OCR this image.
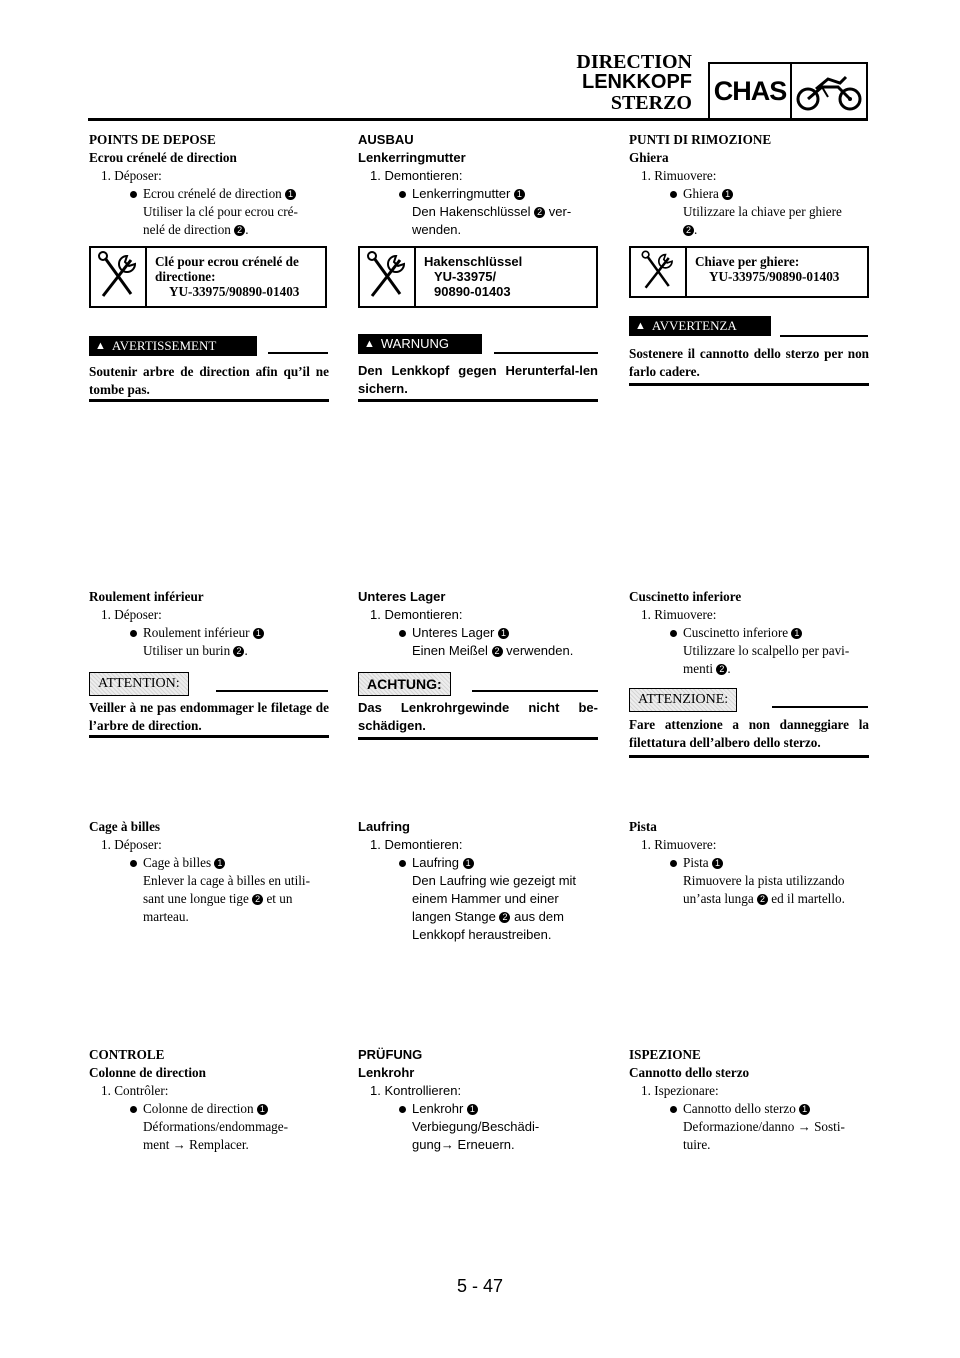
DIRECTION
LENKKOPF
STERZO CHAS
POINTS DE DEPOSE
Ecrou crénelé de direction
1. Déposer:
Ecrou crénelé de direction 1
Utiliser la clé pour ecrou cré-
nelé de direction 2 .
Clé pour ecrou crénelé de
directione:
YU-33975/90890-01403
▲ AVERTISSEMENT
Soutenir arbre de direction afin qu’il ne tombe pas.
Roulement inférieur
1. Déposer:
Roulement inférieur 1
Utiliser un burin 2 .
ATTENTION:
Veiller à ne pas endommager le filetage de l’arbre de direction.
Cage à billes
1. Déposer:
Cage à billes 1
Enlever la cage à billes en utili-
sant une longue tige 2 et un
marteau.
CONTROLE
Colonne de direction
1. Contrôler:
Colonne de direction 1
Déformations/endommage-
ment → Remplacer.
AUSBAU
Lenkerringmutter
1. Demontieren:
Lenkerringmutter 1
Den Hakenschlüssel 2 ver-
wenden.
Hakenschlüssel
YU-33975/
90890-01403
▲ WARNUNG
Den Lenkkopf gegen Herunterfal-len sichern.
Unteres Lager
1. Demontieren:
Unteres Lager 1
Einen Meißel 2 verwenden.
ACHTUNG:
Das Lenkrohrgewinde nicht be-schädigen.
Laufring
1. Demontieren:
Laufring 1
Den Laufring wie gezeigt mit
einem Hammer und einer
langen Stange 2 aus dem
Lenkkopf heraustreiben.
PRÜFUNG
Lenkrohr
1. Kontrollieren:
Lenkrohr 1
Verbiegung/Beschädi-
gung→ Erneuern.
PUNTI DI RIMOZIONE
Ghiera
1. Rimuovere:
Ghiera 1
Utilizzare la chiave per ghiere
2 .
Chiave per ghiere:
YU-33975/90890-01403
▲ AVVERTENZA
Sostenere il cannotto dello sterzo per non farlo cadere.
Cuscinetto inferiore
1. Rimuovere:
Cuscinetto inferiore 1
Utilizzare lo scalpello per pavi-
menti 2 .
ATTENZIONE:
Fare attenzione a non danneggiare la filettatura dell’albero dello sterzo.
Pista
1. Rimuovere:
Pista 1
Rimuovere la pista utilizzando
un’asta lunga 2 ed il martello.
ISPEZIONE
Cannotto dello sterzo
1. Ispezionare:
Cannotto dello sterzo 1
Deformazione/danno → Sosti-
tuire.
5 - 47
